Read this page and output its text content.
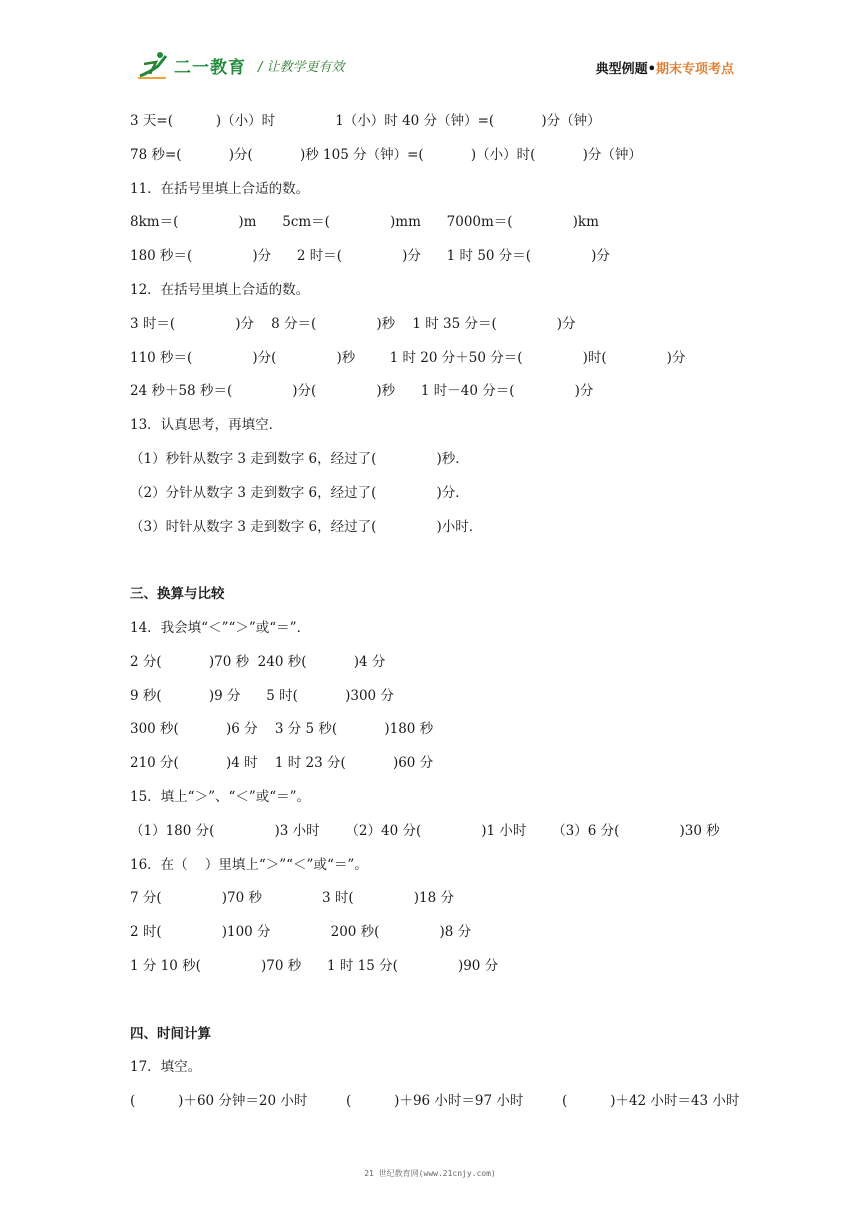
二一教育 / 让教学更有效	典型例题•期末专项考点
3 天=(          )（小）时              1（小）时 40 分（钟）=(           )分（钟）
78 秒=(           )分(           )秒 105 分（钟）=(           )（小）时(           )分（钟）
11．在括号里填上合适的数。
8km＝(              )m      5cm＝(              )mm      7000m＝(              )km
180 秒＝(              )分      2 时＝(              )分      1 时 50 分＝(              )分
12．在括号里填上合适的数。
3 时＝(              )分    8 分＝(              )秒    1 时 35 分＝(              )分
110 秒＝(              )分(              )秒        1 时 20 分＋50 分＝(              )时(              )分
24 秒＋58 秒＝(              )分(              )秒      1 时－40 分＝(              )分
13．认真思考，再填空．
（1）秒针从数字 3 走到数字 6，经过了(              )秒．
（2）分针从数字 3 走到数字 6，经过了(              )分．
（3）时针从数字 3 走到数字 6，经过了(              )小时．
三、换算与比较
14．我会填“＜”“＞”或“＝”．
2 分(           )70 秒  240 秒(           )4 分
9 秒(           )9 分      5 时(           )300 分
300 秒(           )6 分    3 分 5 秒(           )180 秒
210 分(           )4 时    1 时 23 分(           )60 分
15．填上“＞”、“＜”或“＝”。
（1）180 分(              )3 小时      （2）40 分(              )1 小时      （3）6 分(              )30 秒
16．在（    ）里填上“＞”“＜”或“＝”。
7 分(              )70 秒              3 时(              )18 分
2 时(              )100 分              200 秒(              )8 分
1 分 10 秒(              )70 秒      1 时 15 分(              )90 分
四、时间计算
17．填空。
(          )＋60 分钟＝20 小时         (          )＋96 小时＝97 小时         (          )＋42 小时＝43 小时
21 世纪教育网(www.21cnjy.com)
